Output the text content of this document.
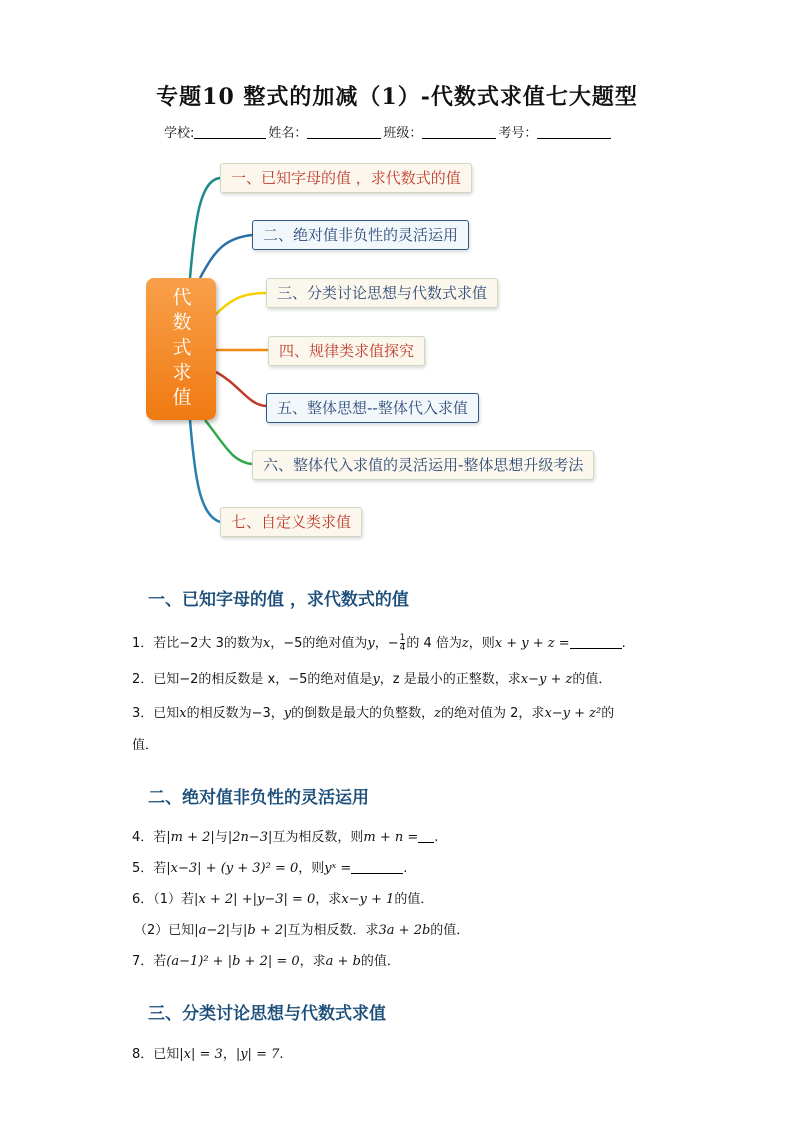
专题10 整式的加减（1）-代数式求值七大题型
学校:	姓名：	班级：	考号：
代数式求值
一、已知字母的值 ，求代数式的值
二、绝对值非负性的灵活运用
三、分类讨论思想与代数式求值
四、规律类求值探究
五、整体思想--整体代入求值
六、整体代入求值的灵活运用-整体思想升级考法
七、自定义类求值
一、已知字母的值 ，求代数式的值
1．若比−2大 3的数为x，−5的绝对值为y，− $\frac{1}{4}$ 的 4 倍为z，则x + y + z =	.
2．已知−2的相反数是 x，−5的绝对值是y，z 是最小的正整数，求x−y + z的值．
3．已知x的相反数为−3，y的倒数是最大的负整数，z的绝对值为 2，求x−y + z²的
值．
二、绝对值非负性的灵活运用
4．若|m + 2|与|2n−3|互为相反数，则m + n = .
5．若|x−3| + (y + 3)² = 0，则yˣ =	.
6．（1）若|x + 2| +|y−3| = 0，求x−y + 1的值．
（2）已知|a−2|与|b + 2|互为相反数．求3a + 2b的值．
7．若(a−1)² + |b + 2| = 0，求a + b的值．
三、分类讨论思想与代数式求值
8．已知|x| = 3，|y| = 7.
